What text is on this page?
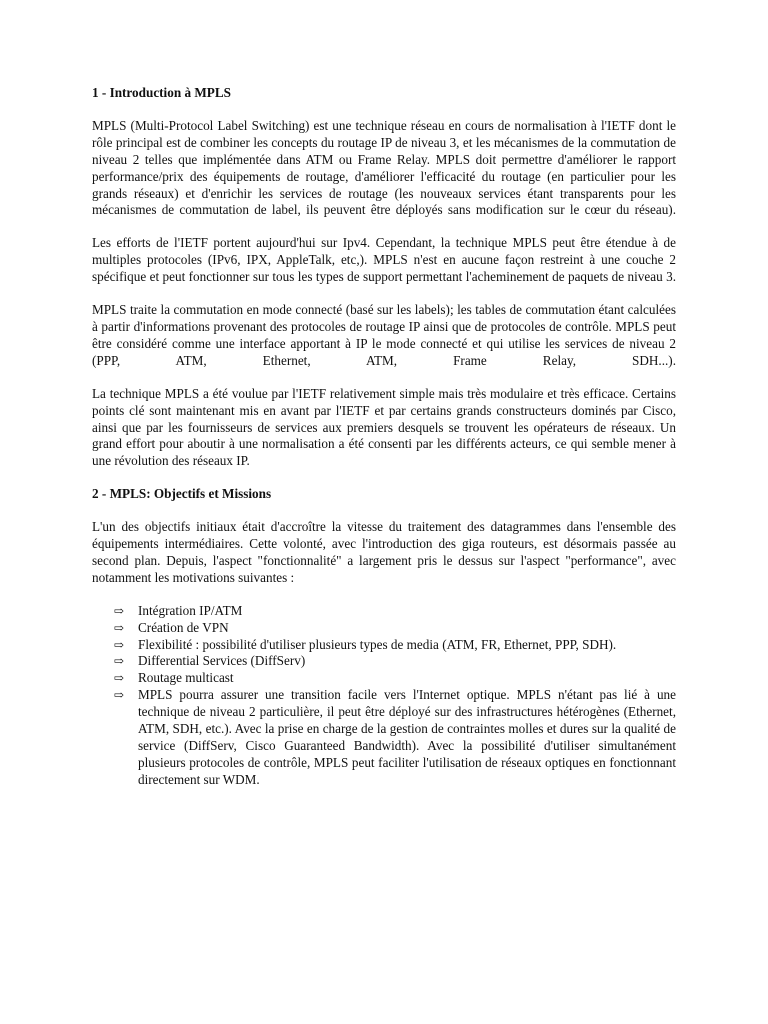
1 - Introduction à MPLS

MPLS (Multi-Protocol Label Switching) est une technique réseau en cours de normalisation à l'IETF dont le rôle principal est de combiner les concepts du routage IP de niveau 3, et les mécanismes de la commutation de niveau 2 telles que implémentée dans ATM ou Frame Relay. MPLS doit permettre d'améliorer le rapport performance/prix des équipements de routage, d'améliorer l'efficacité du routage (en particulier pour les grands réseaux) et d'enrichir les services de routage (les nouveaux services étant transparents pour les mécanismes de commutation de label, ils peuvent être déployés sans modification sur le cœur du réseau).

Les efforts de l'IETF portent aujourd'hui sur Ipv4. Cependant, la technique MPLS peut être étendue à de multiples protocoles (IPv6, IPX, AppleTalk, etc,). MPLS n'est en aucune façon restreint à une couche 2 spécifique et peut fonctionner sur tous les types de support permettant l'acheminement de paquets de niveau 3.

MPLS traite la commutation en mode connecté (basé sur les labels); les tables de commutation étant calculées à partir d'informations provenant des protocoles de routage IP ainsi que de protocoles de contrôle. MPLS peut être considéré comme une interface apportant à IP le mode connecté et qui utilise les services de niveau 2 (PPP, ATM, Ethernet, ATM, Frame Relay, SDH...).

La technique MPLS a été voulue par l'IETF relativement simple mais très modulaire et très efficace. Certains points clé sont maintenant mis en avant par l'IETF et par certains grands constructeurs dominés par Cisco, ainsi que par les fournisseurs de services aux premiers desquels se trouvent les opérateurs de réseaux. Un grand effort pour aboutir à une normalisation a été consenti par les différents acteurs, ce qui semble mener à une révolution des réseaux IP.

2 - MPLS: Objectifs et Missions

L'un des objectifs initiaux était d'accroître la vitesse du traitement des datagrammes dans l'ensemble des équipements intermédiaires. Cette volonté, avec l'introduction des giga routeurs, est désormais passée au second plan. Depuis, l'aspect "fonctionnalité" a largement pris le dessus sur l'aspect "performance", avec notamment les motivations suivantes :

⇨ Intégration IP/ATM
⇨ Création de VPN
⇨ Flexibilité : possibilité d'utiliser plusieurs types de media (ATM, FR, Ethernet, PPP, SDH).
⇨ Differential Services (DiffServ)
⇨ Routage multicast
⇨ MPLS pourra assurer une transition facile vers l'Internet optique. MPLS n'étant pas lié à une technique de niveau 2 particulière, il peut être déployé sur des infrastructures hétérogènes (Ethernet, ATM, SDH, etc.). Avec la prise en charge de la gestion de contraintes molles et dures sur la qualité de service (DiffServ, Cisco Guaranteed Bandwidth). Avec la possibilité d'utiliser simultanément plusieurs protocoles de contrôle, MPLS peut faciliter l'utilisation de réseaux optiques en fonctionnant directement sur WDM.
